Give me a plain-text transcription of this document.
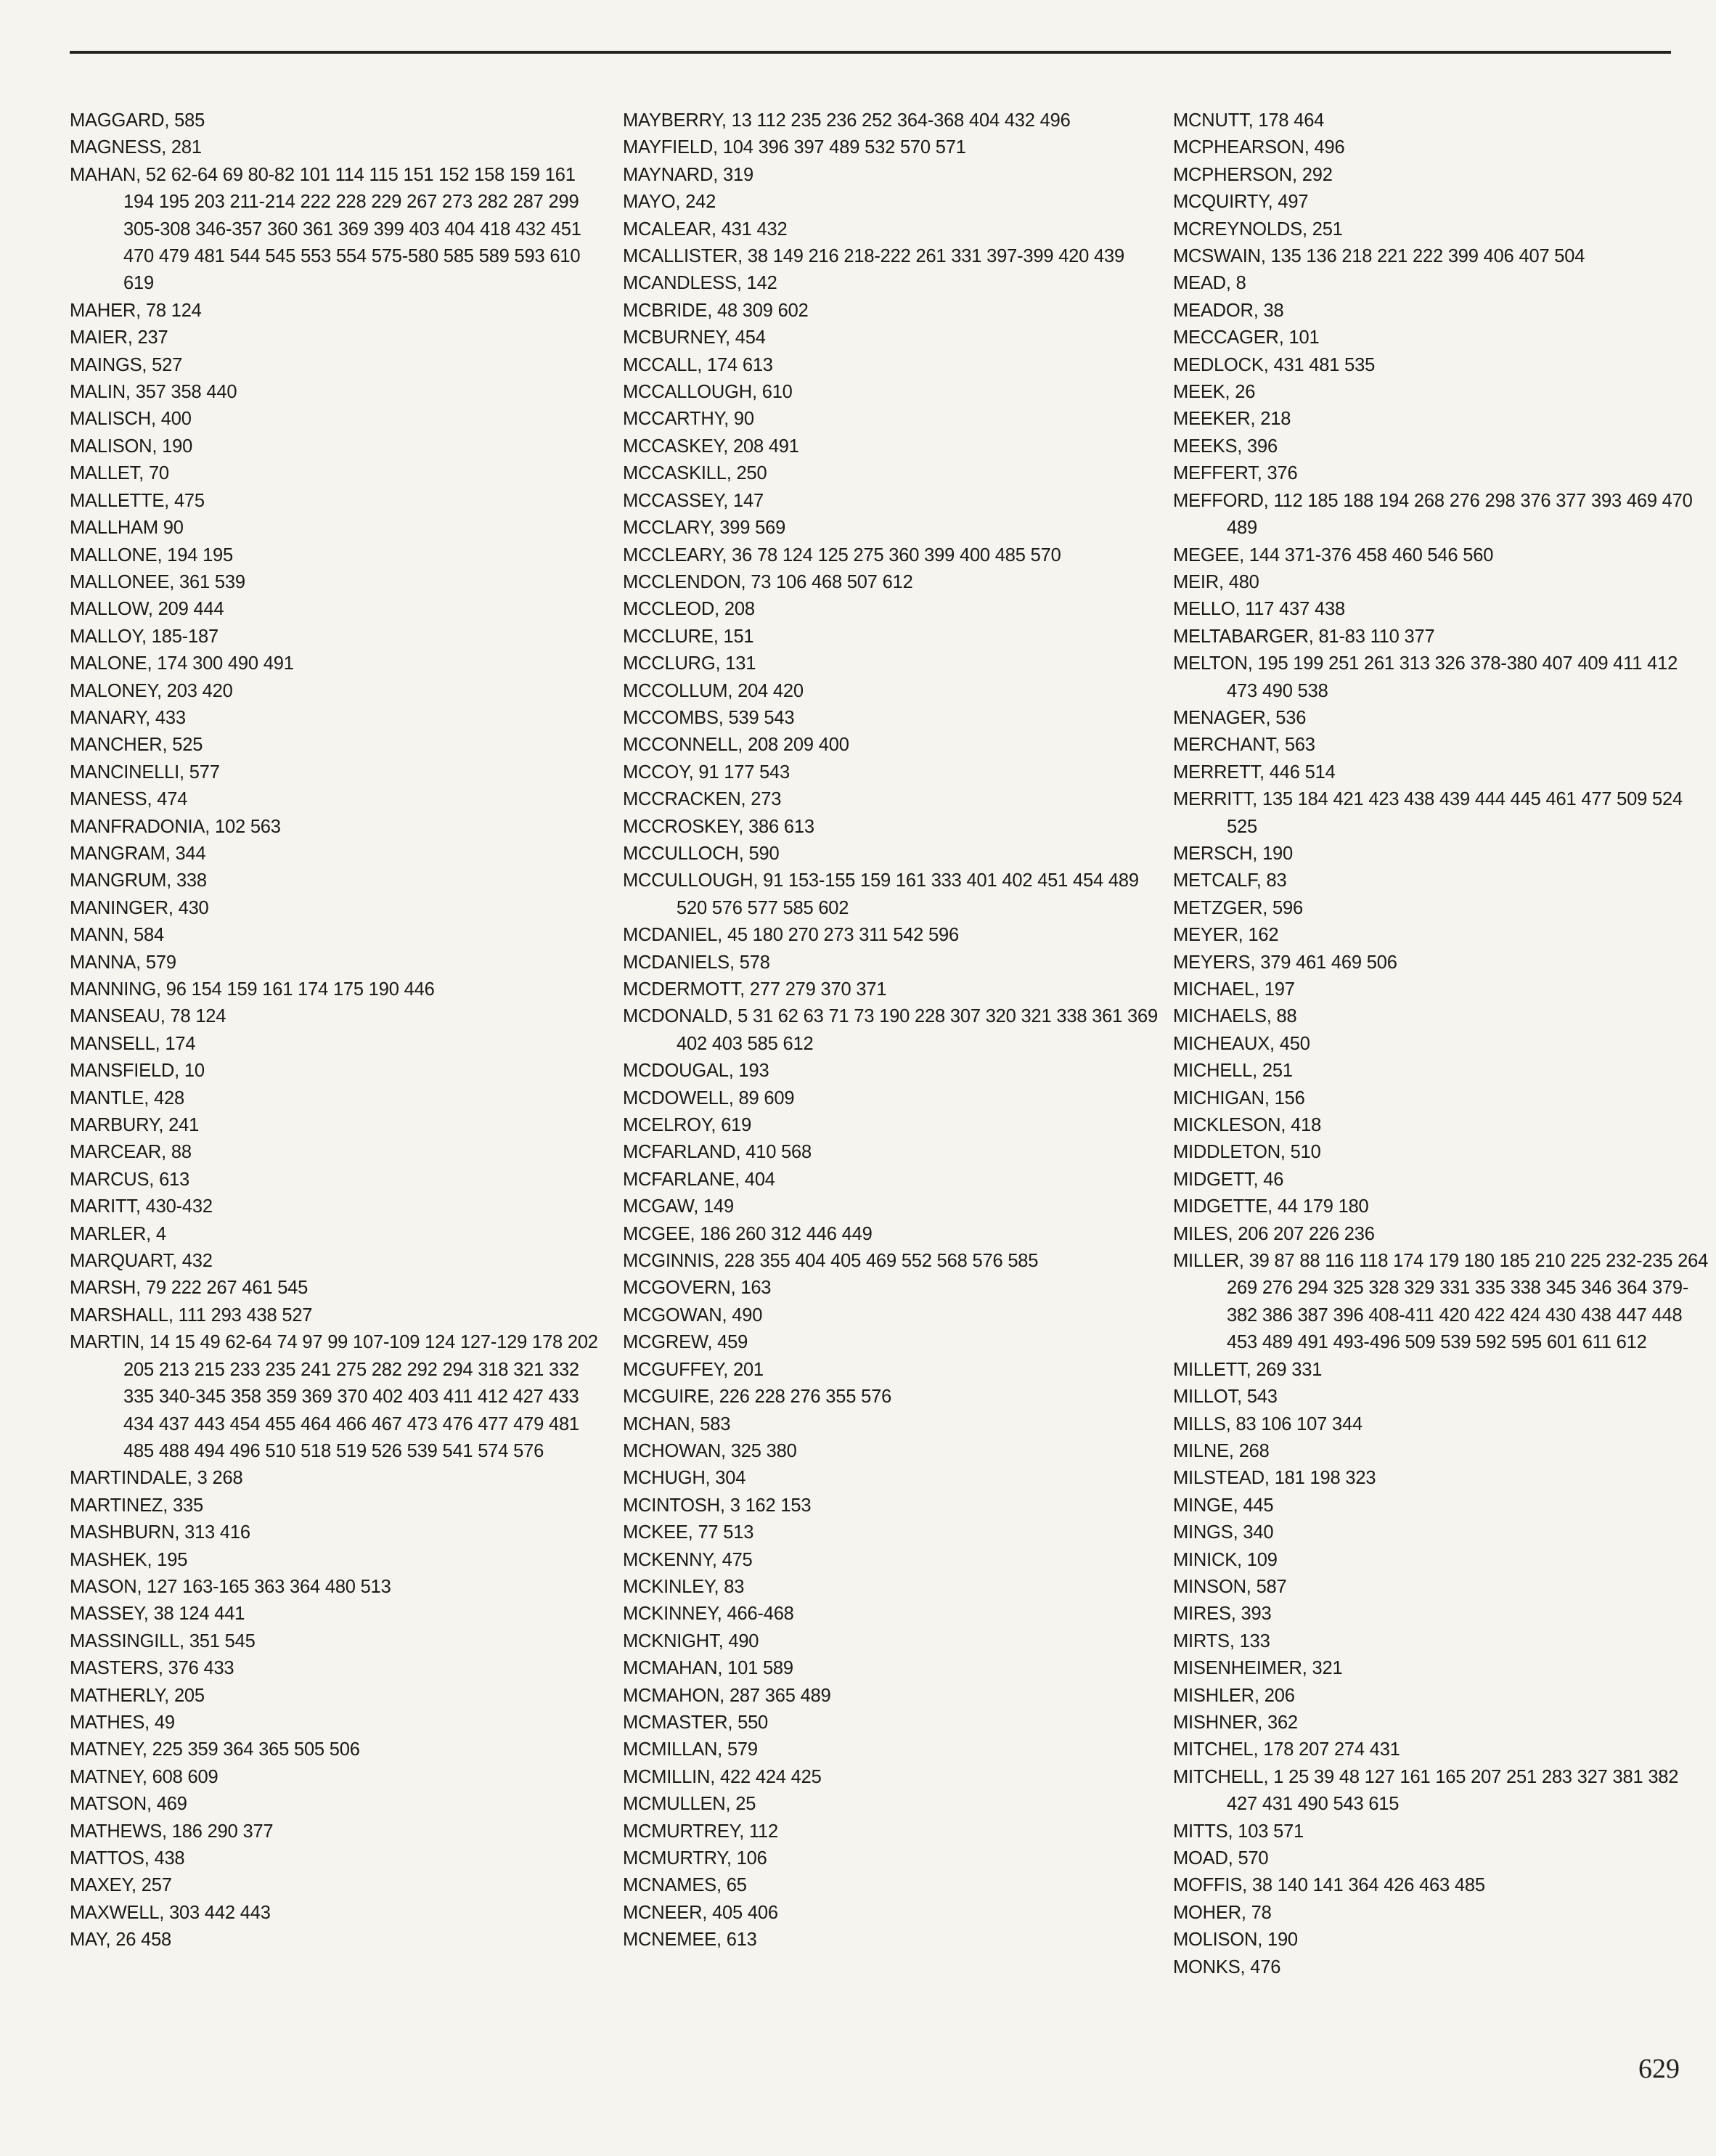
MAGGARD, 585
MAGNESS, 281
MAHAN, 52 62-64 69 80-82 101 114 115 151 152 158 159 161 194 195 203 211-214 222 228 229 267 273 282 287 299 305-308 346-357 360 361 369 399 403 404 418 432 451 470 479 481 544 545 553 554 575-580 585 589 593 610 619
MAHER, 78 124
MAIER, 237
MAINGS, 527
MALIN, 357 358 440
MALISCH, 400
MALISON, 190
MALLET, 70
MALLETTE, 475
MALLHAM 90
MALLONE, 194 195
MALLONEE, 361 539
MALLOW, 209 444
MALLOY, 185-187
MALONE, 174 300 490 491
MALONEY, 203 420
MANARY, 433
MANCHER, 525
MANCINELLI, 577
MANESS, 474
MANFRADONIA, 102 563
MANGRAM, 344
MANGRUM, 338
MANINGER, 430
MANN, 584
MANNA, 579
MANNING, 96 154 159 161 174 175 190 446
MANSEAU, 78 124
MANSELL, 174
MANSFIELD, 10
MANTLE, 428
MARBURY, 241
MARCEAR, 88
MARCUS, 613
MARITT, 430-432
MARLER, 4
MARQUART, 432
MARSH, 79 222 267 461 545
MARSHALL, 111 293 438 527
MARTIN, 14 15 49 62-64 74 97 99 107-109 124 127-129 178 202 205 213 215 233 235 241 275 282 292 294 318 321 332 335 340-345 358 359 369 370 402 403 411 412 427 433 434 437 443 454 455 464 466 467 473 476 477 479 481 485 488 494 496 510 518 519 526 539 541 574 576
MARTINDALE, 3 268
MARTINEZ, 335
MASHBURN, 313 416
MASHEK, 195
MASON, 127 163-165 363 364 480 513
MASSEY, 38 124 441
MASSINGILL, 351 545
MASTERS, 376 433
MATHERLY, 205
MATHES, 49
MATNEY, 225 359 364 365 505 506
MATNEY, 608 609
MATSON, 469
MATHEWS, 186 290 377
MATTOS, 438
MAXEY, 257
MAXWELL, 303 442 443
MAY, 26 458
MAYBERRY, 13 112 235 236 252 364-368 404 432 496
MAYFIELD, 104 396 397 489 532 570 571
MAYNARD, 319
MAYO, 242
MCALEAR, 431 432
MCALLISTER, 38 149 216 218-222 261 331 397-399 420 439
MCANDLESS, 142
MCBRIDE, 48 309 602
MCBURNEY, 454
MCCALL, 174 613
MCCALLOUGH, 610
MCCARTHY, 90
MCCASKEY, 208 491
MCCASKILL, 250
MCCASSEY, 147
MCCLARY, 399 569
MCCLEARY, 36 78 124 125 275 360 399 400 485 570
MCCLENDON, 73 106 468 507 612
MCCLEOD, 208
MCCLURE, 151
MCCLURG, 131
MCCOLLUM, 204 420
MCCOMBS, 539 543
MCCONNELL, 208 209 400
MCCOY, 91 177 543
MCCRACKEN, 273
MCCROSKEY, 386 613
MCCULLOCH, 590
MCCULLOUGH, 91 153-155 159 161 333 401 402 451 454 489 520 576 577 585 602
MCDANIEL, 45 180 270 273 311 542 596
MCDANIELS, 578
MCDERMOTT, 277 279 370 371
MCDONALD, 5 31 62 63 71 73 190 228 307 320 321 338 361 369 402 403 585 612
MCDOUGAL, 193
MCDOWELL, 89 609
MCELROY, 619
MCFARLAND, 410 568
MCFARLANE, 404
MCGAW, 149
MCGEE, 186 260 312 446 449
MCGINNIS, 228 355 404 405 469 552 568 576 585
MCGOVERN, 163
MCGOWAN, 490
MCGREW, 459
MCGUFFEY, 201
MCGUIRE, 226 228 276 355 576
MCHAN, 583
MCHOWAN, 325 380
MCHUGH, 304
MCINTOSH, 3 162 153
MCKEE, 77 513
MCKENNY, 475
MCKINLEY, 83
MCKINNEY, 466-468
MCKNIGHT, 490
MCMAHAN, 101 589
MCMAHON, 287 365 489
MCMASTER, 550
MCMILLAN, 579
MCMILLIN, 422 424 425
MCMULLEN, 25
MCMURTREY, 112
MCMURTRY, 106
MCNAMES, 65
MCNEER, 405 406
MCNEMEE, 613
MCNUTT, 178 464
MCPHEARSON, 496
MCPHERSON, 292
MCQUIRTY, 497
MCREYNOLDS, 251
MCSWAIN, 135 136 218 221 222 399 406 407 504
MEAD, 8
MEADOR, 38
MECCAGER, 101
MEDLOCK, 431 481 535
MEEK, 26
MEEKER, 218
MEEKS, 396
MEFFERT, 376
MEFFORD, 112 185 188 194 268 276 298 376 377 393 469 470 489
MEGEE, 144 371-376 458 460 546 560
MEIR, 480
MELLO, 117 437 438
MELTABARGER, 81-83 110 377
MELTON, 195 199 251 261 313 326 378-380 407 409 411 412 473 490 538
MENAGER, 536
MERCHANT, 563
MERRETT, 446 514
MERRITT, 135 184 421 423 438 439 444 445 461 477 509 524 525
MERSCH, 190
METCALF, 83
METZGER, 596
MEYER, 162
MEYERS, 379 461 469 506
MICHAEL, 197
MICHAELS, 88
MICHEAUX, 450
MICHELL, 251
MICHIGAN, 156
MICKLESON, 418
MIDDLETON, 510
MIDGETT, 46
MIDGETTE, 44 179 180
MILES, 206 207 226 236
MILLER, 39 87 88 116 118 174 179 180 185 210 225 232-235 264 269 276 294 325 328 329 331 335 338 345 346 364 379-382 386 387 396 408-411 420 422 424 430 438 447 448 453 489 491 493-496 509 539 592 595 601 611 612
MILLETT, 269 331
MILLOT, 543
MILLS, 83 106 107 344
MILNE, 268
MILSTEAD, 181 198 323
MINGE, 445
MINGS, 340
MINICK, 109
MINSON, 587
MIRES, 393
MIRTS, 133
MISENHEIMER, 321
MISHLER, 206
MISHNER, 362
MITCHEL, 178 207 274 431
MITCHELL, 1 25 39 48 127 161 165 207 251 283 327 381 382 427 431 490 543 615
MITTS, 103 571
MOAD, 570
MOFFIS, 38 140 141 364 426 463 485
MOHER, 78
MOLISON, 190
MONKS, 476
629
